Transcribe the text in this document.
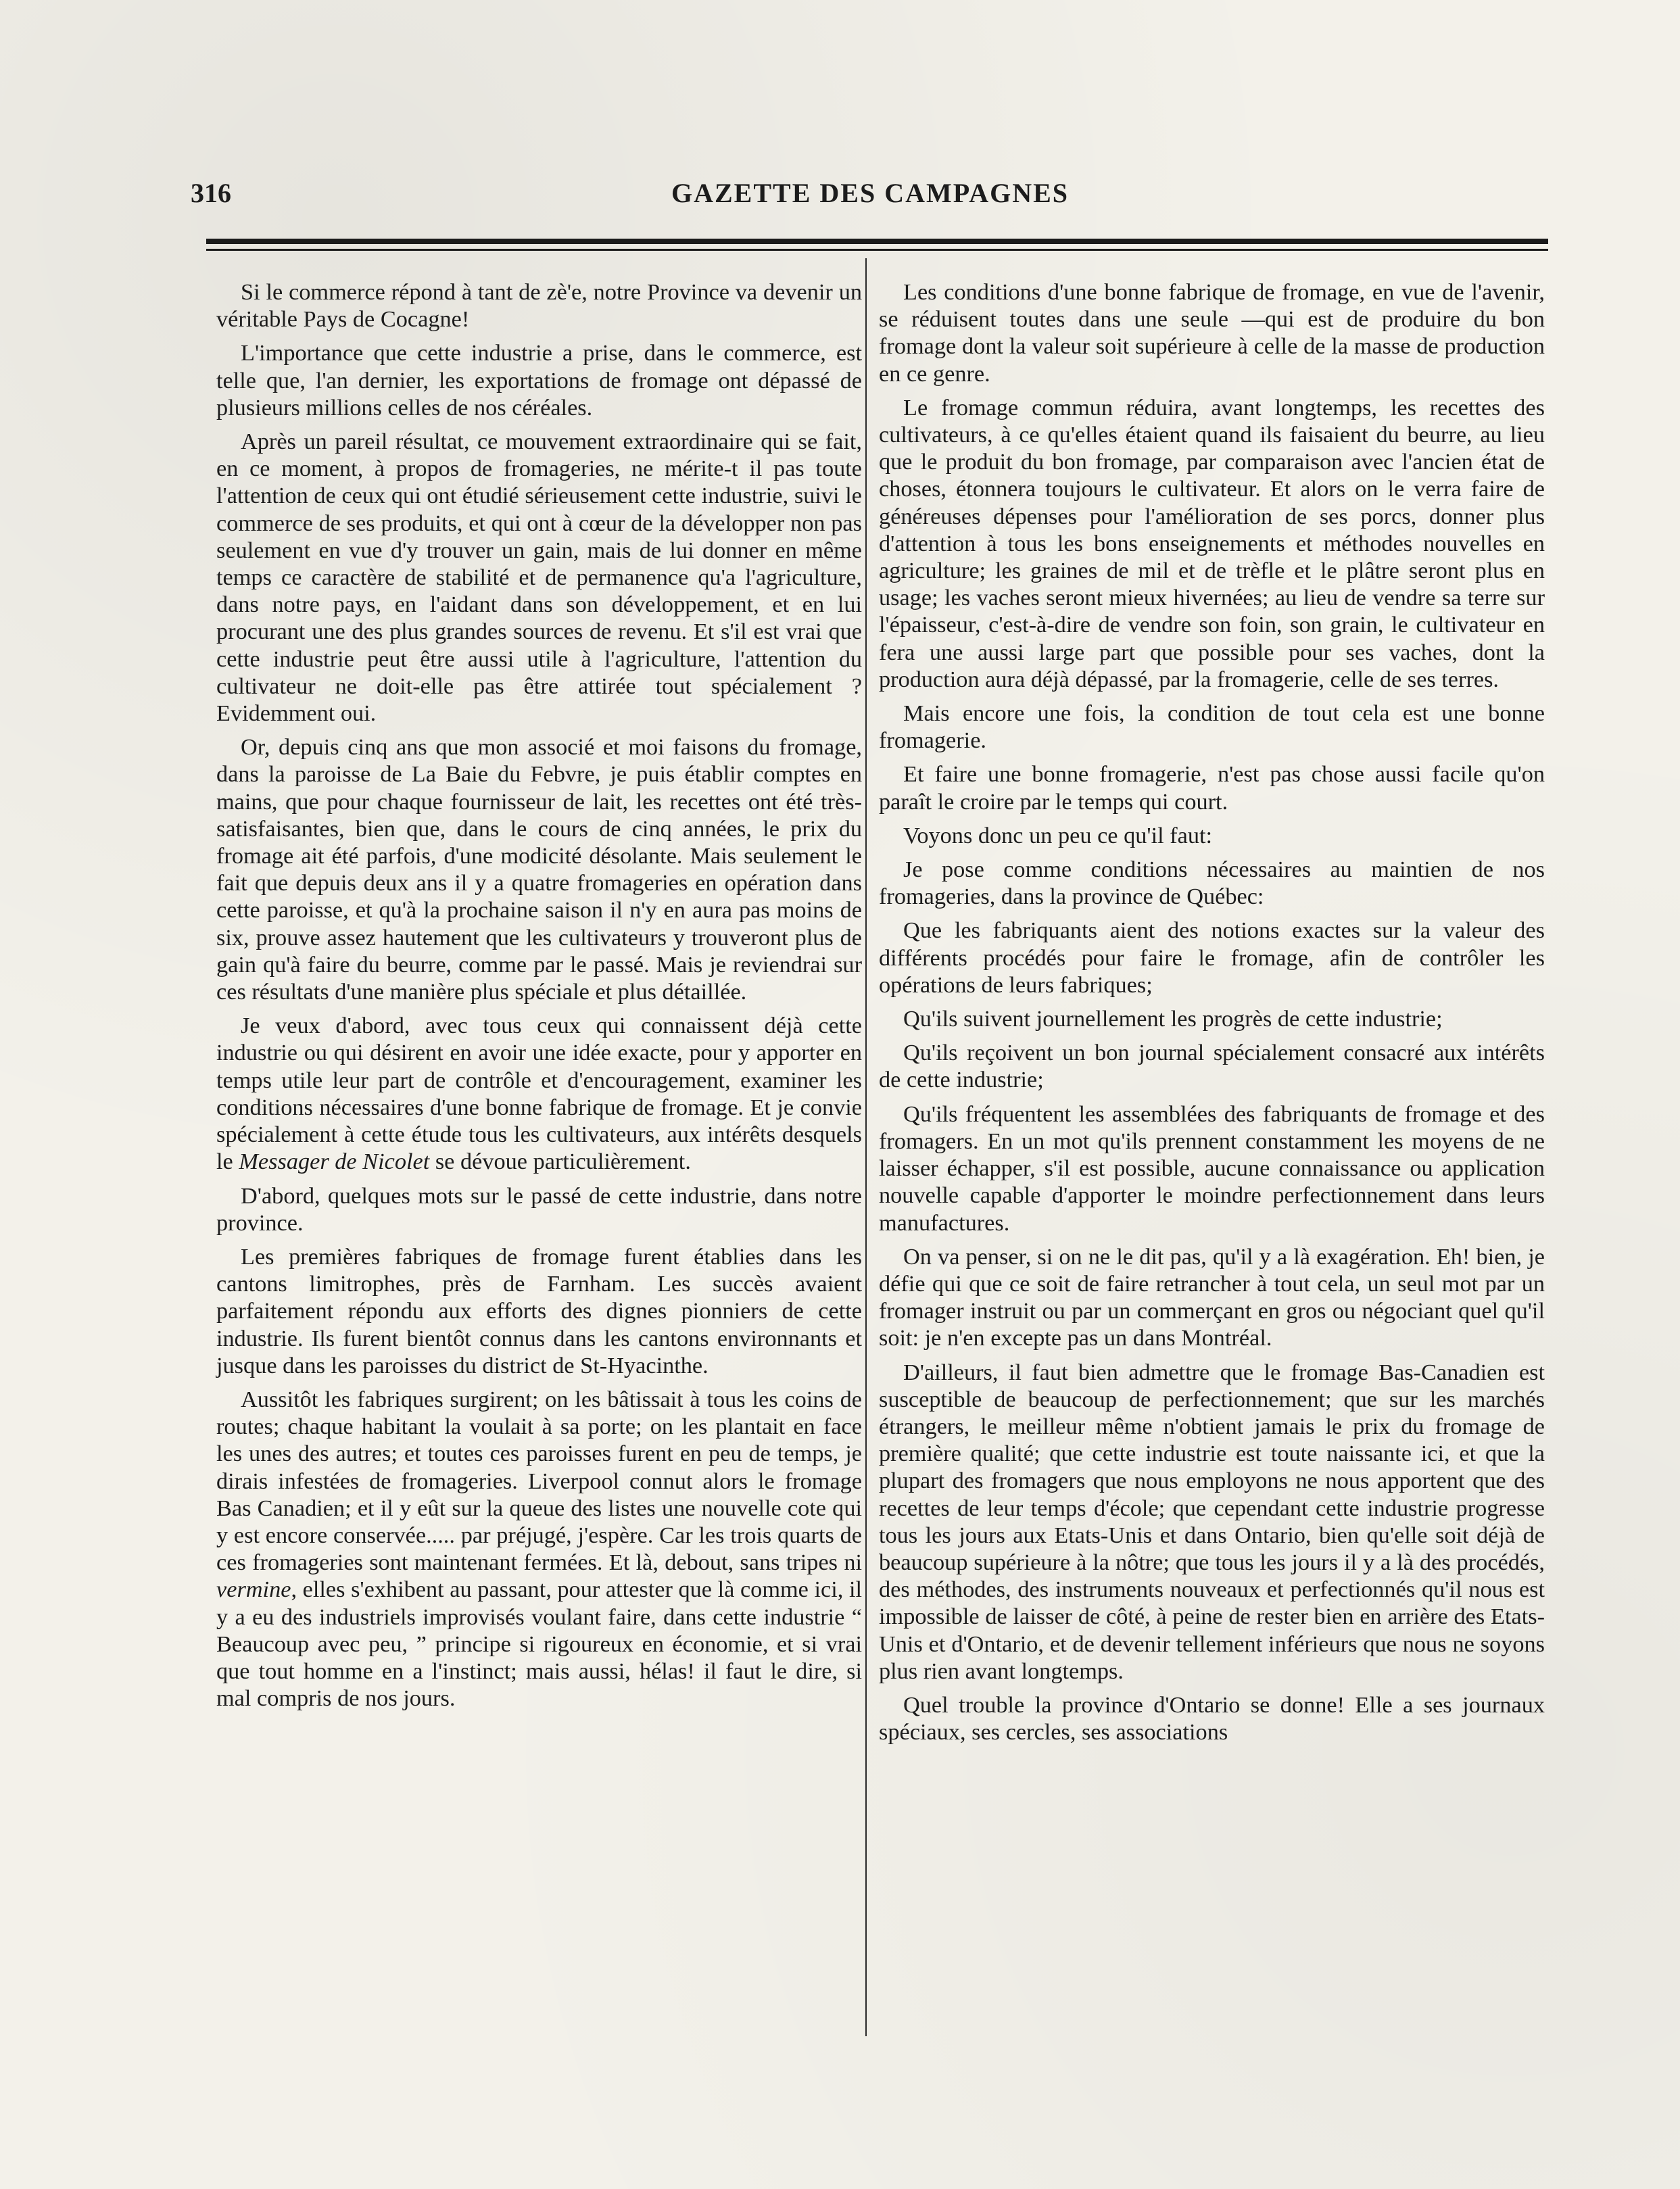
316	GAZETTE DES CAMPAGNES

Si le commerce répond à tant de zè'e, notre Province va devenir un véritable Pays de Cocagne!

L'importance que cette industrie a prise, dans le commerce, est telle que, l'an dernier, les exportations de fromage ont dépassé de plusieurs millions celles de nos céréales.

Après un pareil résultat, ce mouvement extraordinaire qui se fait, en ce moment, à propos de fromageries, ne mérite-t il pas toute l'attention de ceux qui ont étudié sérieusement cette industrie, suivi le commerce de ses produits, et qui ont à cœur de la développer non pas seulement en vue d'y trouver un gain, mais de lui donner en même temps ce caractère de stabilité et de permanence qu'a l'agriculture, dans notre pays, en l'aidant dans son développement, et en lui procurant une des plus grandes sources de revenu. Et s'il est vrai que cette industrie peut être aussi utile à l'agriculture, l'attention du cultivateur ne doit-elle pas être attirée tout spécialement ? Evidemment oui.

Or, depuis cinq ans que mon associé et moi faisons du fromage, dans la paroisse de La Baie du Febvre, je puis établir comptes en mains, que pour chaque fournisseur de lait, les recettes ont été très-satisfaisantes, bien que, dans le cours de cinq années, le prix du fromage ait été parfois, d'une modicité désolante. Mais seulement le fait que depuis deux ans il y a quatre fromageries en opération dans cette paroisse, et qu'à la prochaine saison il n'y en aura pas moins de six, prouve assez hautement que les cultivateurs y trouveront plus de gain qu'à faire du beurre, comme par le passé. Mais je reviendrai sur ces résultats d'une manière plus spéciale et plus détaillée.

Je veux d'abord, avec tous ceux qui connaissent déjà cette industrie ou qui désirent en avoir une idée exacte, pour y apporter en temps utile leur part de contrôle et d'encouragement, examiner les conditions nécessaires d'une bonne fabrique de fromage. Et je convie spécialement à cette étude tous les cultivateurs, aux intérêts desquels le Messager de Nicolet se dévoue particulièrement.

D'abord, quelques mots sur le passé de cette industrie, dans notre province.

Les premières fabriques de fromage furent établies dans les cantons limitrophes, près de Farnham. Les succès avaient parfaitement répondu aux efforts des dignes pionniers de cette industrie. Ils furent bientôt connus dans les cantons environnants et jusque dans les paroisses du district de St-Hyacinthe.

Aussitôt les fabriques surgirent; on les bâtissait à tous les coins de routes; chaque habitant la voulait à sa porte; on les plantait en face les unes des autres; et toutes ces paroisses furent en peu de temps, je dirais infestées de fromageries. Liverpool connut alors le fromage Bas Canadien; et il y eût sur la queue des listes une nouvelle cote qui y est encore conservée..... par préjugé, j'espère. Car les trois quarts de ces fromageries sont maintenant fermées. Et là, debout, sans tripes ni vermine, elles s'exhibent au passant, pour attester que là comme ici, il y a eu des industriels improvisés voulant faire, dans cette industrie “ Beaucoup avec peu, ” principe si rigoureux en économie, et si vrai que tout homme en a l'instinct; mais aussi, hélas! il faut le dire, si mal compris de nos jours.

Les conditions d'une bonne fabrique de fromage, en vue de l'avenir, se réduisent toutes dans une seule —qui est de produire du bon fromage dont la valeur soit supérieure à celle de la masse de production en ce genre.

Le fromage commun réduira, avant longtemps, les recettes des cultivateurs, à ce qu'elles étaient quand ils faisaient du beurre, au lieu que le produit du bon fromage, par comparaison avec l'ancien état de choses, étonnera toujours le cultivateur. Et alors on le verra faire de généreuses dépenses pour l'amélioration de ses porcs, donner plus d'attention à tous les bons enseignements et méthodes nouvelles en agriculture; les graines de mil et de trèfle et le plâtre seront plus en usage; les vaches seront mieux hivernées; au lieu de vendre sa terre sur l'épaisseur, c'est-à-dire de vendre son foin, son grain, le cultivateur en fera une aussi large part que possible pour ses vaches, dont la production aura déjà dépassé, par la fromagerie, celle de ses terres.

Mais encore une fois, la condition de tout cela est une bonne fromagerie.

Et faire une bonne fromagerie, n'est pas chose aussi facile qu'on paraît le croire par le temps qui court.

Voyons donc un peu ce qu'il faut:

Je pose comme conditions nécessaires au maintien de nos fromageries, dans la province de Québec:

Que les fabriquants aient des notions exactes sur la valeur des différents procédés pour faire le fromage, afin de contrôler les opérations de leurs fabriques;

Qu'ils suivent journellement les progrès de cette industrie;

Qu'ils reçoivent un bon journal spécialement consacré aux intérêts de cette industrie;

Qu'ils fréquentent les assemblées des fabriquants de fromage et des fromagers. En un mot qu'ils prennent constamment les moyens de ne laisser échapper, s'il est possible, aucune connaissance ou application nouvelle capable d'apporter le moindre perfectionnement dans leurs manufactures.

On va penser, si on ne le dit pas, qu'il y a là exagération. Eh! bien, je défie qui que ce soit de faire retrancher à tout cela, un seul mot par un fromager instruit ou par un commerçant en gros ou négociant quel qu'il soit: je n'en excepte pas un dans Montréal.

D'ailleurs, il faut bien admettre que le fromage Bas-Canadien est susceptible de beaucoup de perfectionnement; que sur les marchés étrangers, le meilleur même n'obtient jamais le prix du fromage de première qualité; que cette industrie est toute naissante ici, et que la plupart des fromagers que nous employons ne nous apportent que des recettes de leur temps d'école; que cependant cette industrie progresse tous les jours aux Etats-Unis et dans Ontario, bien qu'elle soit déjà de beaucoup supérieure à la nôtre; que tous les jours il y a là des procédés, des méthodes, des instruments nouveaux et perfectionnés qu'il nous est impossible de laisser de côté, à peine de rester bien en arrière des Etats-Unis et d'Ontario, et de devenir tellement inférieurs que nous ne soyons plus rien avant longtemps.

Quel trouble la province d'Ontario se donne! Elle a ses journaux spéciaux, ses cercles, ses associations
